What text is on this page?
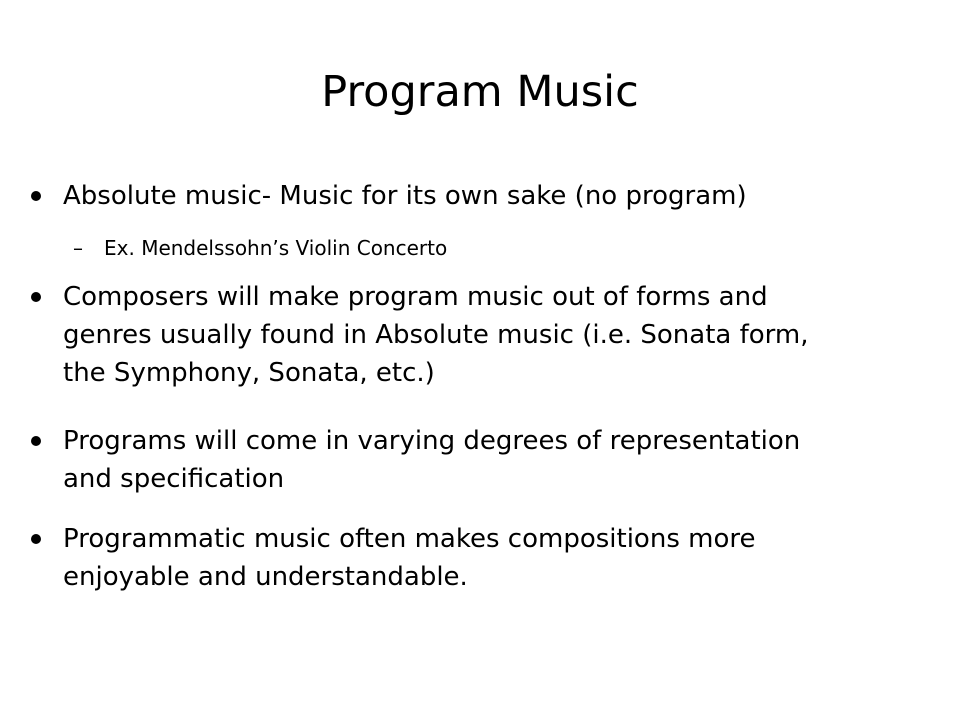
Program Music
Absolute music- Music for its own sake (no program)
– Ex. Mendelssohn’s Violin Concerto
Composers will make program music out of forms and
genres usually found in Absolute music (i.e. Sonata form,
the Symphony, Sonata, etc.)
Programs will come in varying degrees of representation
and specification
Programmatic music often makes compositions more
enjoyable and understandable.
